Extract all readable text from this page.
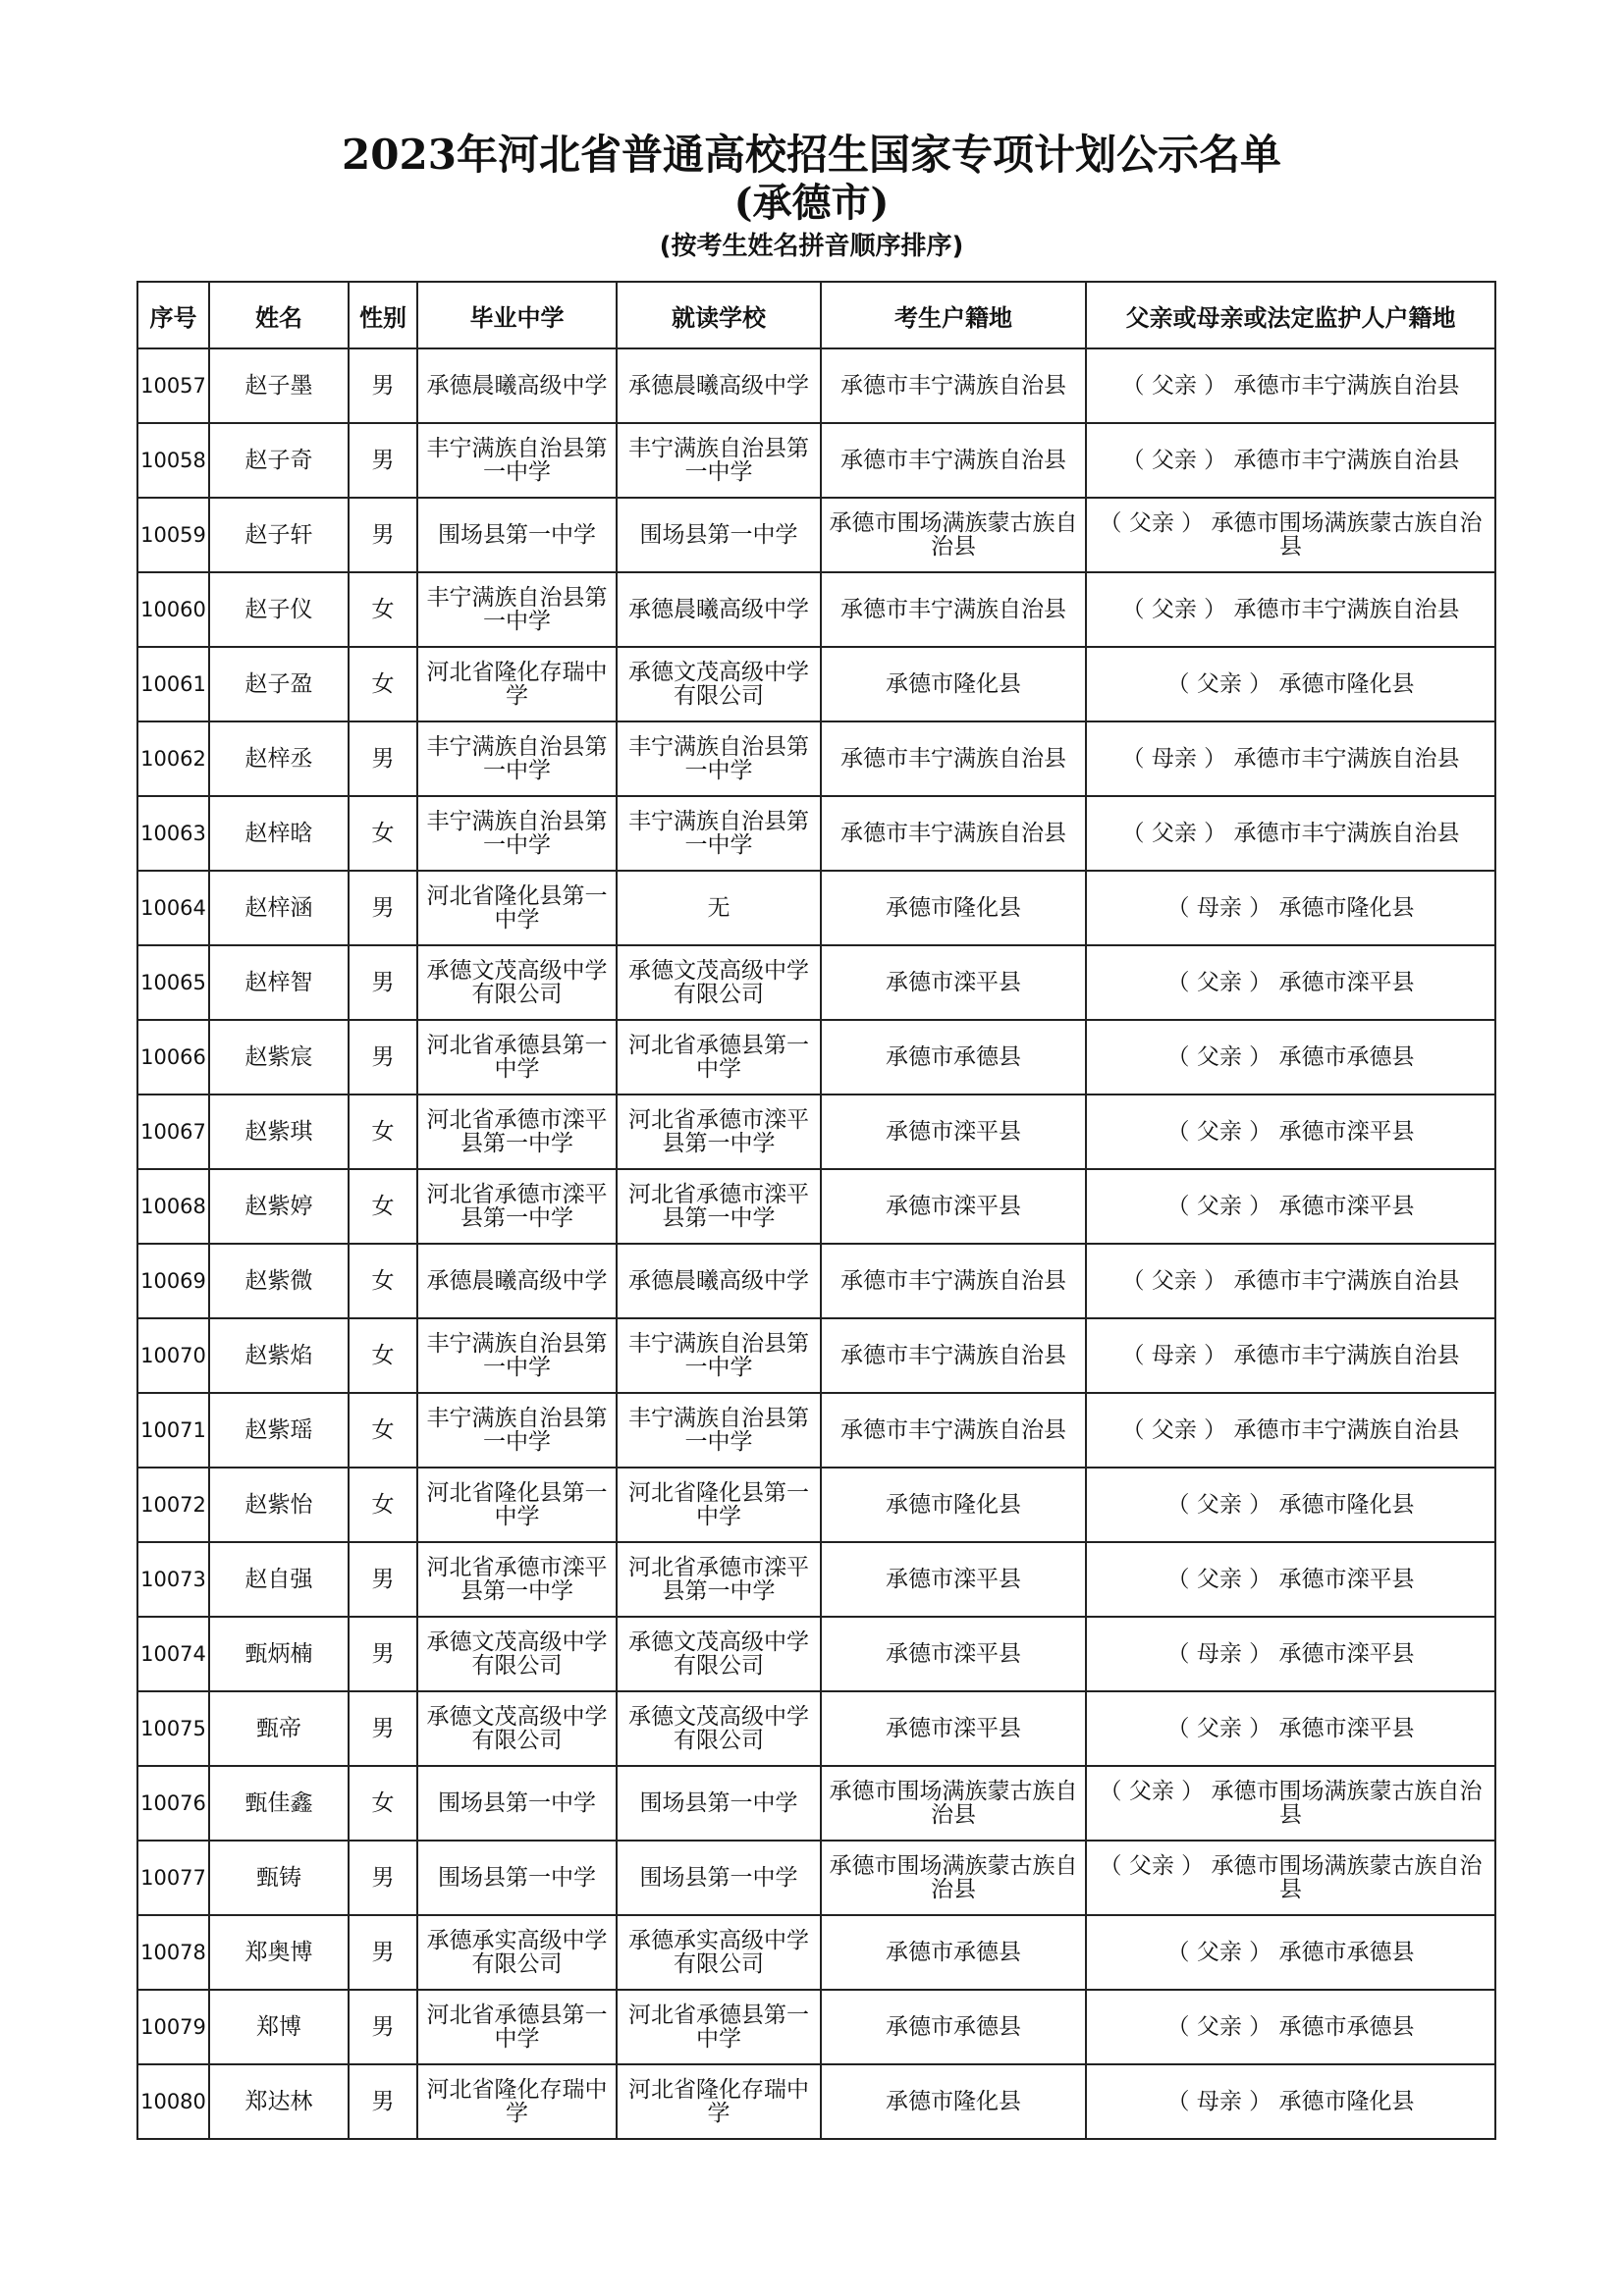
2023年河北省普通高校招生国家专项计划公示名单
(承德市)
(按考生姓名拼音顺序排序)
序号	姓名	性别	毕业中学	就读学校	考生户籍地	父亲或母亲或法定监护人户籍地
10057	赵子墨	男	承德晨曦高级中学	承德晨曦高级中学	承德市丰宁满族自治县	（ 父亲 ） 承德市丰宁满族自治县
10058	赵子奇	男	丰宁满族自治县第一中学	丰宁满族自治县第一中学	承德市丰宁满族自治县	（ 父亲 ） 承德市丰宁满族自治县
10059	赵子轩	男	围场县第一中学	围场县第一中学	承德市围场满族蒙古族自治县	（ 父亲 ） 承德市围场满族蒙古族自治县
10060	赵子仪	女	丰宁满族自治县第一中学	承德晨曦高级中学	承德市丰宁满族自治县	（ 父亲 ） 承德市丰宁满族自治县
10061	赵子盈	女	河北省隆化存瑞中学	承德文茂高级中学有限公司	承德市隆化县	（ 父亲 ） 承德市隆化县
10062	赵梓丞	男	丰宁满族自治县第一中学	丰宁满族自治县第一中学	承德市丰宁满族自治县	（ 母亲 ） 承德市丰宁满族自治县
10063	赵梓晗	女	丰宁满族自治县第一中学	丰宁满族自治县第一中学	承德市丰宁满族自治县	（ 父亲 ） 承德市丰宁满族自治县
10064	赵梓涵	男	河北省隆化县第一中学	无	承德市隆化县	（ 母亲 ） 承德市隆化县
10065	赵梓智	男	承德文茂高级中学有限公司	承德文茂高级中学有限公司	承德市滦平县	（ 父亲 ） 承德市滦平县
10066	赵紫宸	男	河北省承德县第一中学	河北省承德县第一中学	承德市承德县	（ 父亲 ） 承德市承德县
10067	赵紫琪	女	河北省承德市滦平县第一中学	河北省承德市滦平县第一中学	承德市滦平县	（ 父亲 ） 承德市滦平县
10068	赵紫婷	女	河北省承德市滦平县第一中学	河北省承德市滦平县第一中学	承德市滦平县	（ 父亲 ） 承德市滦平县
10069	赵紫微	女	承德晨曦高级中学	承德晨曦高级中学	承德市丰宁满族自治县	（ 父亲 ） 承德市丰宁满族自治县
10070	赵紫焰	女	丰宁满族自治县第一中学	丰宁满族自治县第一中学	承德市丰宁满族自治县	（ 母亲 ） 承德市丰宁满族自治县
10071	赵紫瑶	女	丰宁满族自治县第一中学	丰宁满族自治县第一中学	承德市丰宁满族自治县	（ 父亲 ） 承德市丰宁满族自治县
10072	赵紫怡	女	河北省隆化县第一中学	河北省隆化县第一中学	承德市隆化县	（ 父亲 ） 承德市隆化县
10073	赵自强	男	河北省承德市滦平县第一中学	河北省承德市滦平县第一中学	承德市滦平县	（ 父亲 ） 承德市滦平县
10074	甄炳楠	男	承德文茂高级中学有限公司	承德文茂高级中学有限公司	承德市滦平县	（ 母亲 ） 承德市滦平县
10075	甄帝	男	承德文茂高级中学有限公司	承德文茂高级中学有限公司	承德市滦平县	（ 父亲 ） 承德市滦平县
10076	甄佳鑫	女	围场县第一中学	围场县第一中学	承德市围场满族蒙古族自治县	（ 父亲 ） 承德市围场满族蒙古族自治县
10077	甄铸	男	围场县第一中学	围场县第一中学	承德市围场满族蒙古族自治县	（ 父亲 ） 承德市围场满族蒙古族自治县
10078	郑奥博	男	承德承实高级中学有限公司	承德承实高级中学有限公司	承德市承德县	（ 父亲 ） 承德市承德县
10079	郑博	男	河北省承德县第一中学	河北省承德县第一中学	承德市承德县	（ 父亲 ） 承德市承德县
10080	郑达林	男	河北省隆化存瑞中学	河北省隆化存瑞中学	承德市隆化县	（ 母亲 ） 承德市隆化县
